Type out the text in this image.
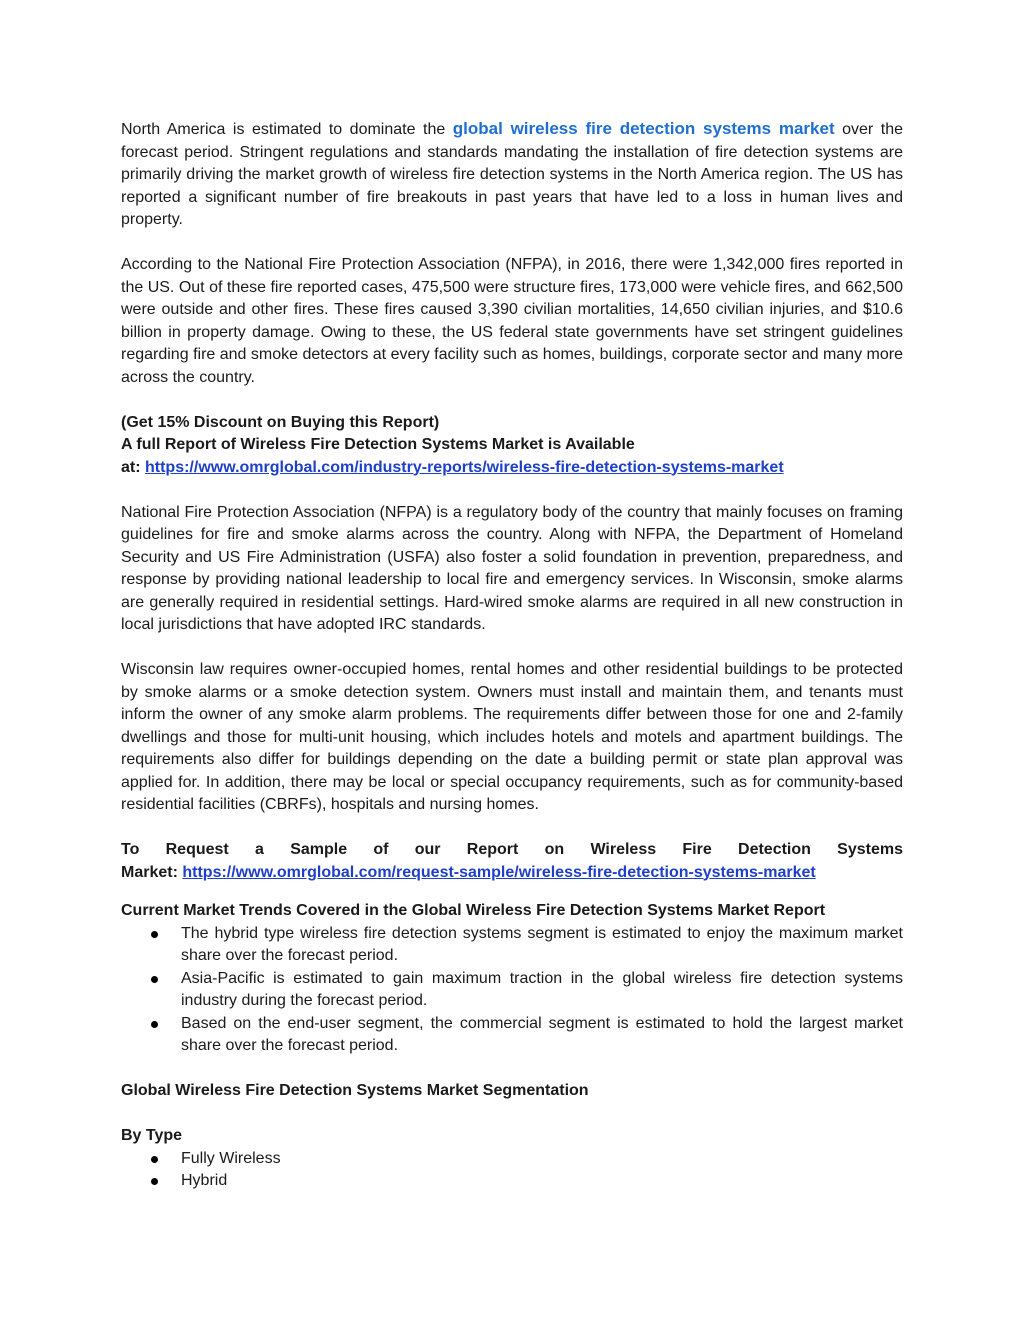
North America is estimated to dominate the global wireless fire detection systems market over the forecast period. Stringent regulations and standards mandating the installation of fire detection systems are primarily driving the market growth of wireless fire detection systems in the North America region. The US has reported a significant number of fire breakouts in past years that have led to a loss in human lives and property.

According to the National Fire Protection Association (NFPA), in 2016, there were 1,342,000 fires reported in the US. Out of these fire reported cases, 475,500 were structure fires, 173,000 were vehicle fires, and 662,500 were outside and other fires. These fires caused 3,390 civilian mortalities, 14,650 civilian injuries, and $10.6 billion in property damage. Owing to these, the US federal state governments have set stringent guidelines regarding fire and smoke detectors at every facility such as homes, buildings, corporate sector and many more across the country.

(Get 15% Discount on Buying this Report)
A full Report of Wireless Fire Detection Systems Market is Available
at: https://www.omrglobal.com/industry-reports/wireless-fire-detection-systems-market

National Fire Protection Association (NFPA) is a regulatory body of the country that mainly focuses on framing guidelines for fire and smoke alarms across the country. Along with NFPA, the Department of Homeland Security and US Fire Administration (USFA) also foster a solid foundation in prevention, preparedness, and response by providing national leadership to local fire and emergency services. In Wisconsin, smoke alarms are generally required in residential settings. Hard-wired smoke alarms are required in all new construction in local jurisdictions that have adopted IRC standards.

Wisconsin law requires owner-occupied homes, rental homes and other residential buildings to be protected by smoke alarms or a smoke detection system. Owners must install and maintain them, and tenants must inform the owner of any smoke alarm problems. The requirements differ between those for one and 2-family dwellings and those for multi-unit housing, which includes hotels and motels and apartment buildings. The requirements also differ for buildings depending on the date a building permit or state plan approval was applied for. In addition, there may be local or special occupancy requirements, such as for community-based residential facilities (CBRFs), hospitals and nursing homes.

To Request a Sample of our Report on Wireless Fire Detection Systems
Market: https://www.omrglobal.com/request-sample/wireless-fire-detection-systems-market
Current Market Trends Covered in the Global Wireless Fire Detection Systems Market Report
The hybrid type wireless fire detection systems segment is estimated to enjoy the maximum market share over the forecast period.
Asia-Pacific is estimated to gain maximum traction in the global wireless fire detection systems industry during the forecast period.
Based on the end-user segment, the commercial segment is estimated to hold the largest market share over the forecast period.
Global Wireless Fire Detection Systems Market Segmentation
By Type
Fully Wireless
Hybrid
